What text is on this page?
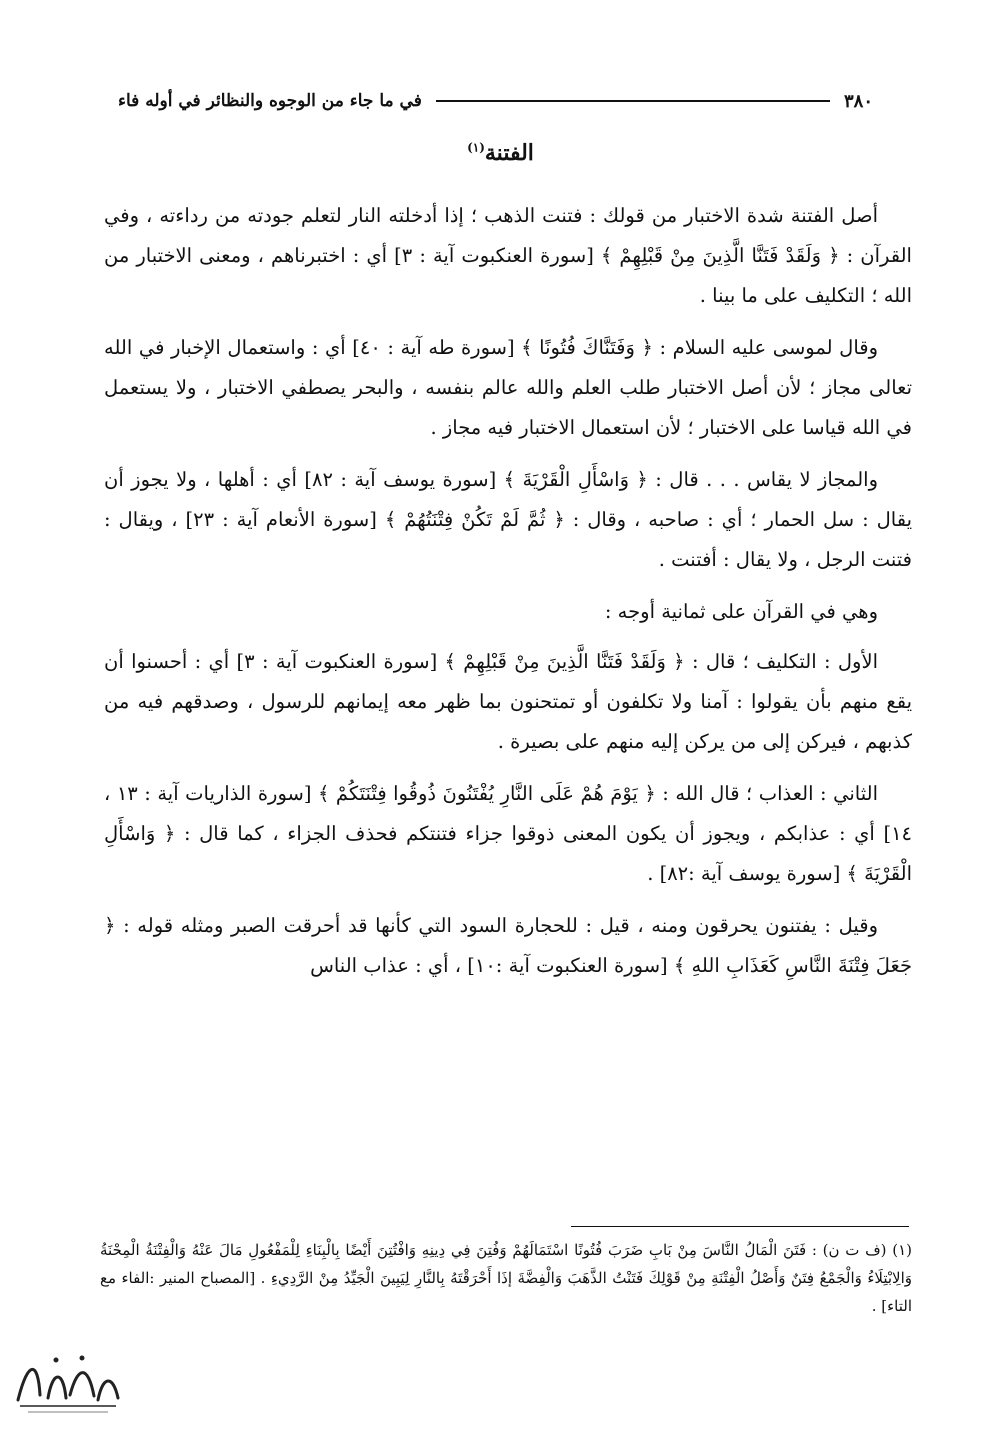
في ما جاء من الوجوه والنظائر في أوله فاء	٣٨٠
الفتنة$^{(١)}$

أصل الفتنة شدة الاختبار من قولك : فتنت الذهب ؛ إذا أدخلته النار لتعلم جودته من رداءته ، وفي القرآن : ﴿ وَلَقَدْ فَتَنَّا الَّذِينَ مِنْ قَبْلِهِمْ ﴾ [سورة العنكبوت آية : ٣] أي : اختبرناهم ، ومعنى الاختبار من الله ؛ التكليف على ما بينا .

وقال لموسى عليه السلام : ﴿ وَفَتَنَّاكَ فُتُونًا ﴾ [سورة طه آية : ٤٠] أي : واستعمال الإخبار في الله تعالى مجاز ؛ لأن أصل الاختبار طلب العلم والله عالم بنفسه ، والبحر يصطفي الاختبار ، ولا يستعمل في الله قياسا على الاختبار ؛ لأن استعمال الاختبار فيه مجاز .

والمجاز لا يقاس . . . قال : ﴿ وَاسْأَلِ الْقَرْيَةَ ﴾ [سورة يوسف آية : ٨٢] أي : أهلها ، ولا يجوز أن يقال : سل الحمار ؛ أي : صاحبه ، وقال : ﴿ ثُمَّ لَمْ تَكُنْ فِتْنَتُهُمْ ﴾ [سورة الأنعام آية : ٢٣] ، ويقال : فتنت الرجل ، ولا يقال : أفتنت .

وهي في القرآن على ثمانية أوجه :

الأول : التكليف ؛ قال : ﴿ وَلَقَدْ فَتَنَّا الَّذِينَ مِنْ قَبْلِهِمْ ﴾ [سورة العنكبوت آية : ٣] أي : أحسنوا أن يقع منهم بأن يقولوا : آمنا ولا تكلفون أو تمتحنون بما ظهر معه إيمانهم للرسول ، وصدقهم فيه من كذبهم ، فيركن إلى من يركن إليه منهم على بصيرة .

الثاني : العذاب ؛ قال الله : ﴿ يَوْمَ هُمْ عَلَى النَّارِ يُفْتَنُونَ ذُوقُوا فِتْنَتَكُمْ ﴾ [سورة الذاريات آية : ١٣ ، ١٤] أي : عذابكم ، ويجوز أن يكون المعنى ذوقوا جزاء فتنتكم فحذف الجزاء ، كما قال : ﴿ وَاسْأَلِ الْقَرْيَةَ ﴾ [سورة يوسف آية :٨٢] .

وقيل : يفتنون يحرقون ومنه ، قيل : للحجارة السود التي كأنها قد أحرقت الصبر ومثله قوله : ﴿ جَعَلَ فِتْنَةَ النَّاسِ كَعَذَابِ اللهِ ﴾ [سورة العنكبوت آية :١٠] ، أي : عذاب الناس

(١) (ف ت ن) : فَتَنَ الْمَالُ النَّاسَ مِنْ بَابِ ضَرَبَ فُتُونًا اسْتَمَالَهُمْ وَفُتِنَ فِي دِينِهِ وَافْتُتِنَ أَيْضًا بِالْبِنَاءِ لِلْمَفْعُولِ مَالَ عَنْهُ وَالْفِتْنَةُ الْمِحْنَةُ وَالِابْتِلَاءُ وَالْجَمْعُ فِتَنٌ وَأَصْلُ الْفِتْنَةِ مِنْ قَوْلِكَ فَتَنْتُ الذَّهَبَ وَالْفِضَّةَ إذَا أَحْرَقْتَهُ بِالنَّارِ لِيَبِينَ الْجَيِّدُ مِنْ الرَّدِيءِ . [المصباح المنير :الفاء مع التاء] .
